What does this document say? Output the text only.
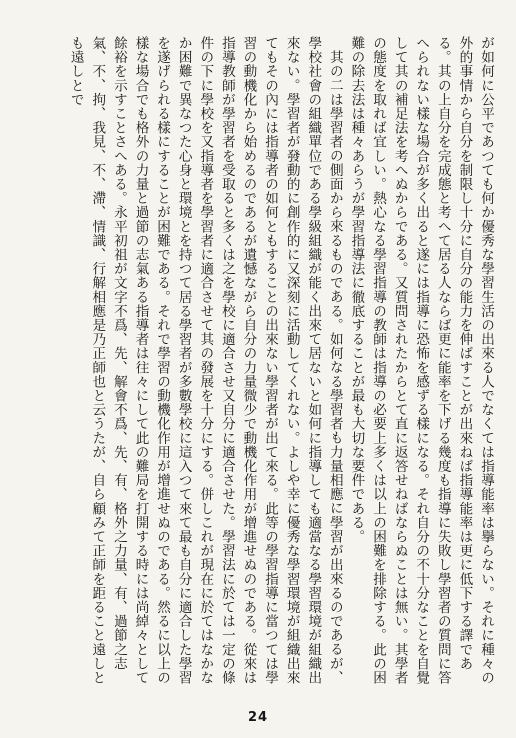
が如何に公平であつても何か優秀な學習生活の出來る人でなくては指導能率は擧らない。それに種々の外的事情から自分を制限し十分に自分の能力を伸ばすことが出來ねば指導能率は更に低下する譯である。其の上自分を完成態と考へて居る人ならば更に能率を下げる幾度も指導に失敗し學習者の質問に答へられない樣な場合が多く出ると遂には指導に恐怖を感ずる樣になる。それ自分の不十分なことを自覺して其の補足法を考へぬからである。又質問されたからとて直に返答せねばならぬことは無い。其學者の態度を取れば宜しい。熱心なる學習指導の教師は指導の必要上多くは以上の困難を排除する。此の困難の除去法は種々あらうが學習指導法に徹底することが最も大切な要件である。

其の二は學習者の側面から來るものである。如何なる學習者も力量相應に學習が出來るのであるが、學校社會の組織單位である學級組織が能く出來て居ないと如何に指導しても適當なる學習環境が組織出來ない。學習者が發動的に創作的に又深刻に活動してくれない。よしや幸に優秀な學習環境が組織出來てもその內には指導者の如何ともすることの出來ない學習者が出て來る。此等の學習指導に當つては學習の動機化から始めるのであるが遺憾ながら自分の力量微少で動機化作用が增進せぬのである。從來は指導教師が學習者を受取ると多くは之を學校に適合させ又自分に適合させた。學習法に於ては一定の條件の下に學校を又指導者を學習者に適合させて其の發展を十分にする。併しこれが現在に於てはなかなか困難で異なつた心身と環境とを持つて居る學習者が多數學校に這入つて來て最も自分に適合した學習を遂げられる樣にすることが困難である。それで學習の動機化作用が增進せぬのである。然るに以上の樣な場合でも格外の力量と過節の志氣ある指導者は往々にして此の難局を打開する時には尚綽々として餘裕を示すことさへある。永平初祖が文字不爲、先、解會不爲、先、有、格外之力量、有、過節之志氣、不、拘、我見、不、滯、情識、行解相應是乃正師也と云うたが、自ら顧みて正師を距ること遠しとも遠しとで

24
